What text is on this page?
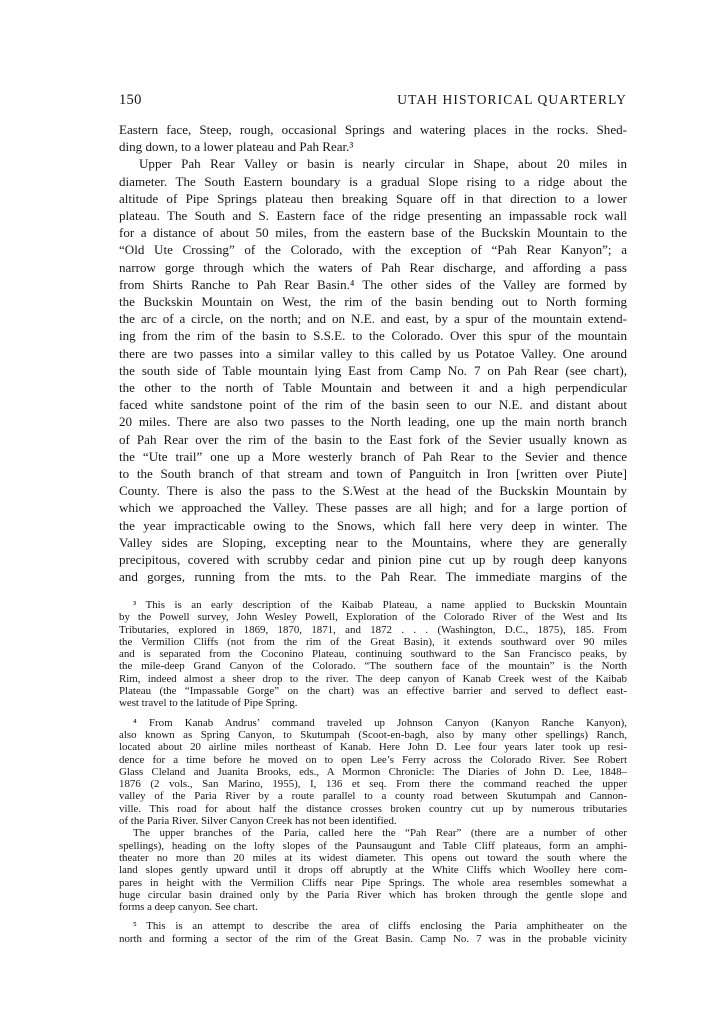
150	UTAH HISTORICAL QUARTERLY
Eastern face, Steep, rough, occasional Springs and watering places in the rocks. Shed-
ding down, to a lower plateau and Pah Rear.³
Upper Pah Rear Valley or basin is nearly circular in Shape, about 20 miles in
diameter. The South Eastern boundary is a gradual Slope rising to a ridge about the
altitude of Pipe Springs plateau then breaking Square off in that direction to a lower
plateau. The South and S. Eastern face of the ridge presenting an impassable rock wall
for a distance of about 50 miles, from the eastern base of the Buckskin Mountain to the
“Old Ute Crossing” of the Colorado, with the exception of “Pah Rear Kanyon”; a
narrow gorge through which the waters of Pah Rear discharge, and affording a pass
from Shirts Ranche to Pah Rear Basin.⁴ The other sides of the Valley are formed by
the Buckskin Mountain on West, the rim of the basin bending out to North forming
the arc of a circle, on the north; and on N.E. and east, by a spur of the mountain extend-
ing from the rim of the basin to S.S.E. to the Colorado. Over this spur of the mountain
there are two passes into a similar valley to this called by us Potatoe Valley. One around
the south side of Table mountain lying East from Camp No. 7 on Pah Rear (see chart),
the other to the north of Table Mountain and between it and a high perpendicular
faced white sandstone point of the rim of the basin seen to our N.E. and distant about
20 miles. There are also two passes to the North leading, one up the main north branch
of Pah Rear over the rim of the basin to the East fork of the Sevier usually known as
the “Ute trail” one up a More westerly branch of Pah Rear to the Sevier and thence
to the South branch of that stream and town of Panguitch in Iron [written over Piute]
County. There is also the pass to the S.West at the head of the Buckskin Mountain by
which we approached the Valley. These passes are all high; and for a large portion of
the year impracticable owing to the Snows, which fall here very deep in winter. The
Valley sides are Sloping, excepting near to the Mountains, where they are generally
precipitous, covered with scrubby cedar and pinion pine cut up by rough deep kanyons
and gorges, running from the mts. to the Pah Rear. The immediate margins of the
³ This is an early description of the Kaibab Plateau, a name applied to Buckskin Mountain
by the Powell survey, John Wesley Powell, Exploration of the Colorado River of the West and Its
Tributaries, explored in 1869, 1870, 1871, and 1872 . . . (Washington, D.C., 1875), 185. From
the Vermilion Cliffs (not from the rim of the Great Basin), it extends southward over 90 miles
and is separated from the Coconino Plateau, continuing southward to the San Francisco peaks, by
the mile-deep Grand Canyon of the Colorado. “The southern face of the mountain” is the North
Rim, indeed almost a sheer drop to the river. The deep canyon of Kanab Creek west of the Kaibab
Plateau (the “Impassable Gorge” on the chart) was an effective barrier and served to deflect east-
west travel to the latitude of Pipe Spring.
⁴ From Kanab Andrus’ command traveled up Johnson Canyon (Kanyon Ranche Kanyon),
also known as Spring Canyon, to Skutumpah (Scoot-en-bagh, also by many other spellings) Ranch,
located about 20 airline miles northeast of Kanab. Here John D. Lee four years later took up resi-
dence for a time before he moved on to open Lee’s Ferry across the Colorado River. See Robert
Glass Cleland and Juanita Brooks, eds., A Mormon Chronicle: The Diaries of John D. Lee, 1848–
1876 (2 vols., San Marino, 1955), I, 136 et seq. From there the command reached the upper
valley of the Paria River by a route parallel to a county road between Skutumpah and Cannon-
ville. This road for about half the distance crosses broken country cut up by numerous tributaries
of the Paria River. Silver Canyon Creek has not been identified.
The upper branches of the Paria, called here the “Pah Rear” (there are a number of other
spellings), heading on the lofty slopes of the Paunsaugunt and Table Cliff plateaus, form an amphi-
theater no more than 20 miles at its widest diameter. This opens out toward the south where the
land slopes gently upward until it drops off abruptly at the White Cliffs which Woolley here com-
pares in height with the Vermilion Cliffs near Pipe Springs. The whole area resembles somewhat a
huge circular basin drained only by the Paria River which has broken through the gentle slope and
forms a deep canyon. See chart.
⁵ This is an attempt to describe the area of cliffs enclosing the Paria amphitheater on the
north and forming a sector of the rim of the Great Basin. Camp No. 7 was in the probable vicinity
